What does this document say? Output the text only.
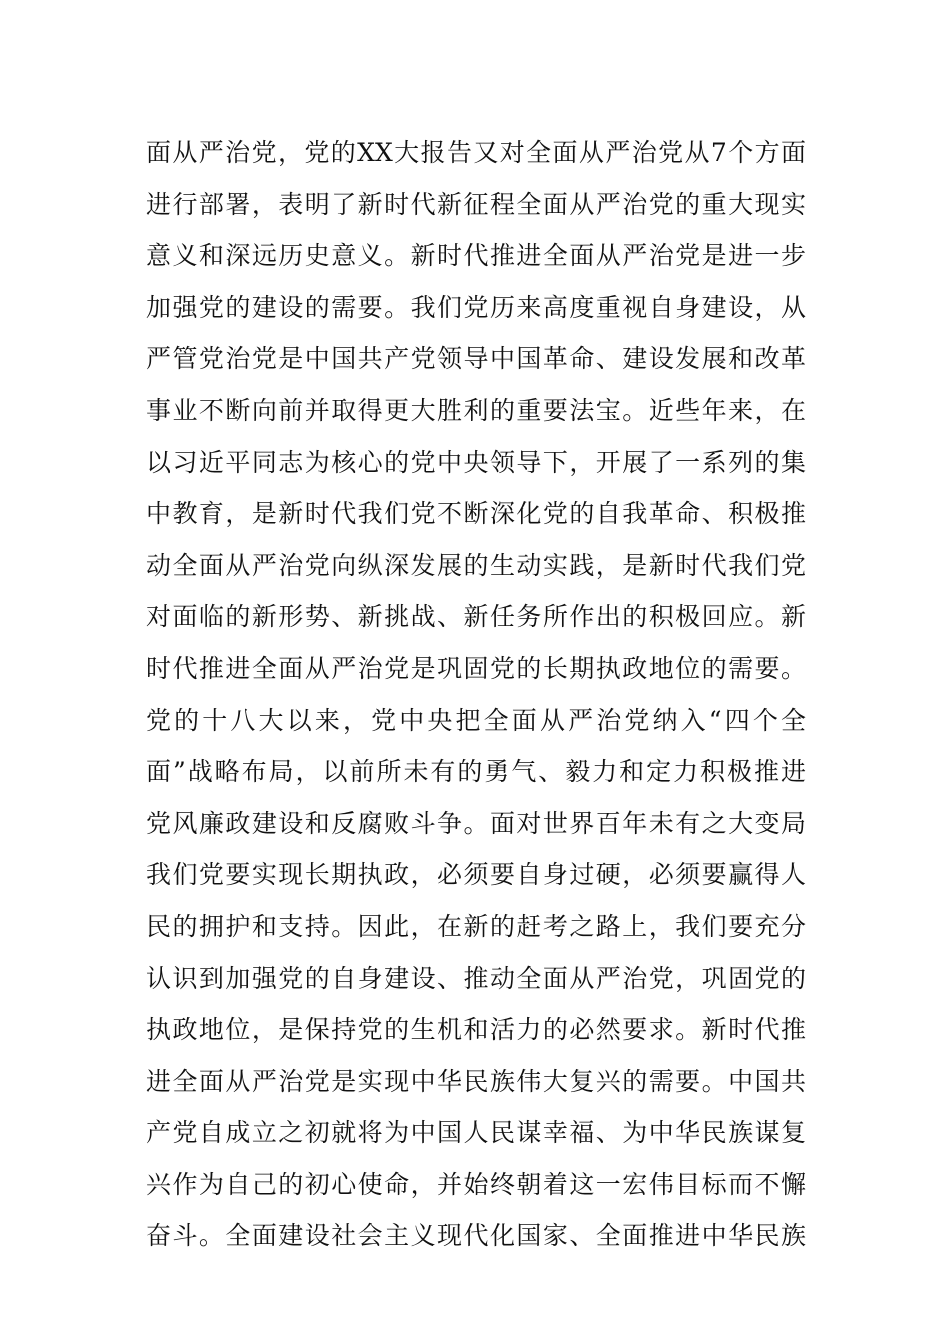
面从严治党，党的XX大报告又对全面从严治党从7个方面
进行部署，表明了新时代新征程全面从严治党的重大现实
意义和深远历史意义。新时代推进全面从严治党是进一步
加强党的建设的需要。我们党历来高度重视自身建设，从
严管党治党是中国共产党领导中国革命、建设发展和改革
事业不断向前并取得更大胜利的重要法宝。近些年来，在
以习近平同志为核心的党中央领导下，开展了一系列的集
中教育，是新时代我们党不断深化党的自我革命、积极推
动全面从严治党向纵深发展的生动实践，是新时代我们党
对面临的新形势、新挑战、新任务所作出的积极回应。新
时代推进全面从严治党是巩固党的长期执政地位的需要。
党的十八大以来，党中央把全面从严治党纳入“四个全
面”战略布局，以前所未有的勇气、毅力和定力积极推进
党风廉政建设和反腐败斗争。面对世界百年未有之大变局
我们党要实现长期执政，必须要自身过硬，必须要赢得人
民的拥护和支持。因此，在新的赶考之路上，我们要充分
认识到加强党的自身建设、推动全面从严治党，巩固党的
执政地位，是保持党的生机和活力的必然要求。新时代推
进全面从严治党是实现中华民族伟大复兴的需要。中国共
产党自成立之初就将为中国人民谋幸福、为中华民族谋复
兴作为自己的初心使命，并始终朝着这一宏伟目标而不懈
奋斗。全面建设社会主义现代化国家、全面推进中华民族
